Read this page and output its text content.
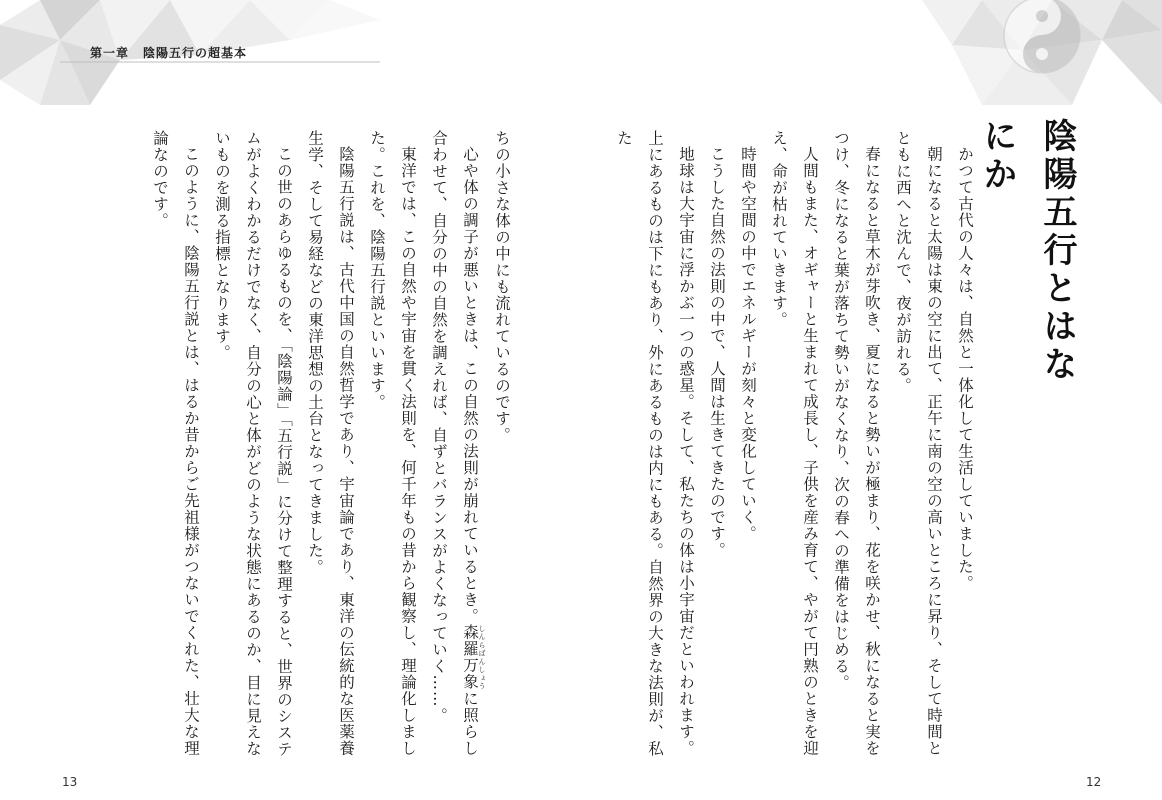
第一章 陰陽五行の超基本
陰陽五行とはなにか

かつて古代の人々は、自然と一体化して生活していました。

朝になると太陽は東の空に出て、正午に南の空の高いところに昇り、そして時間とともに西へと沈んで、夜が訪れる。

春になると草木が芽吹き、夏になると勢いが極まり、花を咲かせ、秋になると実をつけ、冬になると葉が落ちて勢いがなくなり、次の春への準備をはじめる。

人間もまた、オギャーと生まれて成長し、子供を産み育て、やがて円熟のときを迎え、命が枯れていきます。

時間や空間の中でエネルギーが刻々と変化していく。

こうした自然の法則の中で、人間は生きてきたのです。

地球は大宇宙に浮かぶ一つの惑星。そして、私たちの体は小宇宙だといわれます。上にあるものは下にもあり、外にあるものは内にもある。自然界の大きな法則が、私た

ちの小さな体の中にも流れているのです。

心や体の調子が悪いときは、この自然の法則が崩れているとき。森羅万象 しんらばんしょうに照らし合わせて、自分の中の自然を調えれば、自ずとバランスがよくなっていく……。

東洋では、この自然や宇宙を貫く法則を、何千年もの昔から観察し、理論化しました。これを、陰陽五行説といいます。

陰陽五行説は、古代中国の自然哲学であり、宇宙論であり、東洋の伝統的な医薬養生学、そして易経などの東洋思想の土台となってきました。

この世のあらゆるものを、「陰陽論」「五行説」に分けて整理すると、世界のシステムがよくわかるだけでなく、自分の心と体がどのような状態にあるのか、目に見えないものを測る指標となります。

このように、陰陽五行説とは、はるか昔からご先祖様がつないでくれた、壮大な理論なのです。

13	12
